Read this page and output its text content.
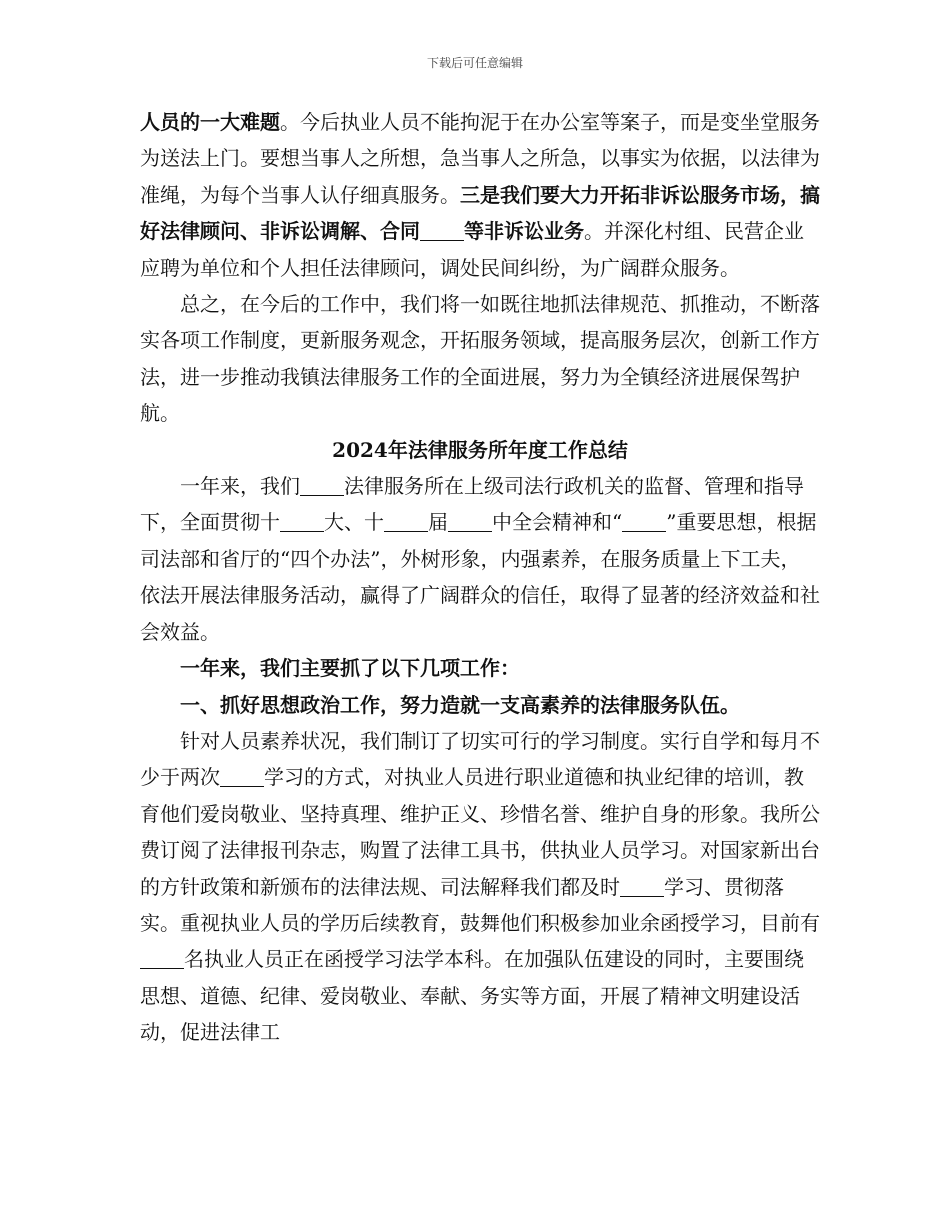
下载后可任意编辑

人员的一大难题。今后执业人员不能拘泥于在办公室等案子，而是变坐堂服务为送法上门。要想当事人之所想，急当事人之所急，以事实为依据，以法律为准绳，为每个当事人认仔细真服务。三是我们要大力开拓非诉讼服务市场，搞好法律顾问、非诉讼调解、合同 等非诉讼业务。并深化村组、民营企业应聘为单位和个人担任法律顾问，调处民间纠纷，为广阔群众服务。

总之，在今后的工作中，我们将一如既往地抓法律规范、抓推动，不断落实各项工作制度，更新服务观念，开拓服务领域，提高服务层次，创新工作方法，进一步推动我镇法律服务工作的全面进展，努力为全镇经济进展保驾护航。

2024年法律服务所年度工作总结

一年来，我们 法律服务所在上级司法行政机关的监督、管理和指导下，全面贯彻十 大、十 届 中全会精神和“ ”重要思想，根据司法部和省厅的“四个办法”，外树形象，内强素养，在服务质量上下工夫，依法开展法律服务活动，赢得了广阔群众的信任，取得了显著的经济效益和社会效益。

一年来，我们主要抓了以下几项工作：

一、抓好思想政治工作，努力造就一支高素养的法律服务队伍。

针对人员素养状况，我们制订了切实可行的学习制度。实行自学和每月不少于两次 学习的方式，对执业人员进行职业道德和执业纪律的培训，教育他们爱岗敬业、坚持真理、维护正义、珍惜名誉、维护自身的形象。我所公费订阅了法律报刊杂志，购置了法律工具书，供执业人员学习。对国家新出台的方针政策和新颁布的法律法规、司法解释我们都及时 学习、贯彻落实。重视执业人员的学历后续教育，鼓舞他们积极参加业余函授学习，目前有名执业人员正在函授学习法学本科。在加强队伍建设的同时，主要围绕思想、道德、纪律、爱岗敬业、奉献、务实等方面，开展了精神文明建设活动，促进法律工
